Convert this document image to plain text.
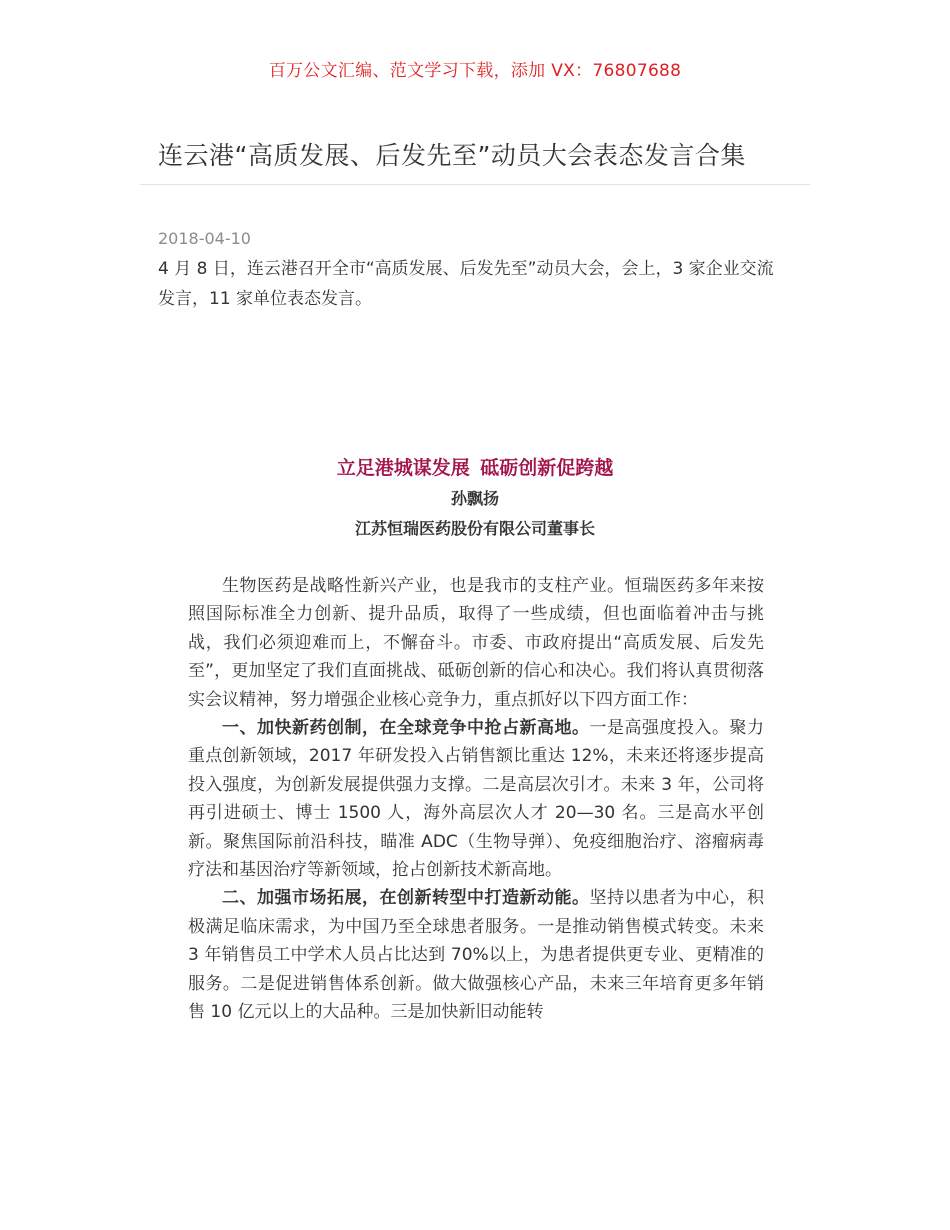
百万公文汇编、范文学习下载，添加 VX：76807688
连云港“高质发展、后发先至”动员大会表态发言合集
2018-04-10
4 月 8 日，连云港召开全市“高质发展、后发先至”动员大会，会上，3 家企业交流发言，11 家单位表态发言。
立足港城谋发展 砥砺创新促跨越
孙飘扬
江苏恒瑞医药股份有限公司董事长

生物医药是战略性新兴产业，也是我市的支柱产业。恒瑞医药多年来按照国际标准全力创新、提升品质，取得了一些成绩，但也面临着冲击与挑战，我们必须迎难而上，不懈奋斗。市委、市政府提出“高质发展、后发先至”，更加坚定了我们直面挑战、砥砺创新的信心和决心。我们将认真贯彻落实会议精神，努力增强企业核心竞争力，重点抓好以下四方面工作：

一、加快新药创制，在全球竞争中抢占新高地。一是高强度投入。聚力重点创新领域，2017 年研发投入占销售额比重达 12%，未来还将逐步提高投入强度，为创新发展提供强力支撑。二是高层次引才。未来 3 年，公司将再引进硕士、博士 1500 人，海外高层次人才 20—30 名。三是高水平创新。聚焦国际前沿科技，瞄准 ADC（生物导弹）、免疫细胞治疗、溶瘤病毒疗法和基因治疗等新领域，抢占创新技术新高地。

二、加强市场拓展，在创新转型中打造新动能。坚持以患者为中心，积极满足临床需求，为中国乃至全球患者服务。一是推动销售模式转变。未来 3 年销售员工中学术人员占比达到 70%以上，为患者提供更专业、更精准的服务。二是促进销售体系创新。做大做强核心产品，未来三年培育更多年销售 10 亿元以上的大品种。三是加快新旧动能转
